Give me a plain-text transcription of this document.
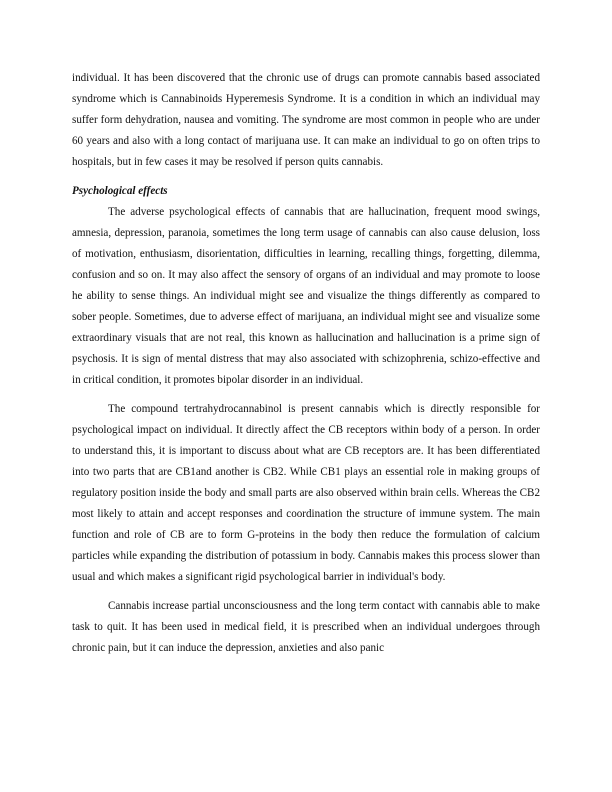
individual. It has been discovered that the chronic use of drugs can promote cannabis based associated syndrome which is Cannabinoids Hyperemesis Syndrome. It is a condition in which an individual may suffer form dehydration, nausea and vomiting. The syndrome are most common in people who are under 60 years and also with a long contact of marijuana use. It can make an individual to go on often trips to hospitals, but in few cases it may be resolved if person quits cannabis.

Psychological effects

The adverse psychological effects of cannabis that are hallucination, frequent mood swings, amnesia, depression, paranoia, sometimes the long term usage of cannabis can also cause delusion, loss of motivation, enthusiasm, disorientation, difficulties in learning, recalling things, forgetting, dilemma, confusion and so on. It may also affect the sensory of organs of an individual and may promote to loose he ability to sense things. An individual might see and visualize the things differently as compared to sober people. Sometimes, due to adverse effect of marijuana, an individual might see and visualize some extraordinary visuals that are not real, this known as hallucination and hallucination is a prime sign of psychosis. It is sign of mental distress that may also associated with schizophrenia, schizo-effective and in critical condition, it promotes bipolar disorder in an individual.

The compound tertrahydrocannabinol is present cannabis which is directly responsible for psychological impact on individual. It directly affect the CB receptors within body of a person. In order to understand this, it is important to discuss about what are CB receptors are. It has been differentiated into two parts that are CB1and another is CB2. While CB1 plays an essential role in making groups of regulatory position inside the body and small parts are also observed within brain cells. Whereas the CB2 most likely to attain and accept responses and coordination the structure of immune system. The main function and role of CB are to form G-proteins in the body then reduce the formulation of calcium particles while expanding the distribution of potassium in body. Cannabis makes this process slower than usual and which makes a significant rigid psychological barrier in individual's body.

Cannabis increase partial unconsciousness and the long term contact with cannabis able to make task to quit. It has been used in medical field, it is prescribed when an individual undergoes through chronic pain, but it can induce the depression, anxieties and also panic
